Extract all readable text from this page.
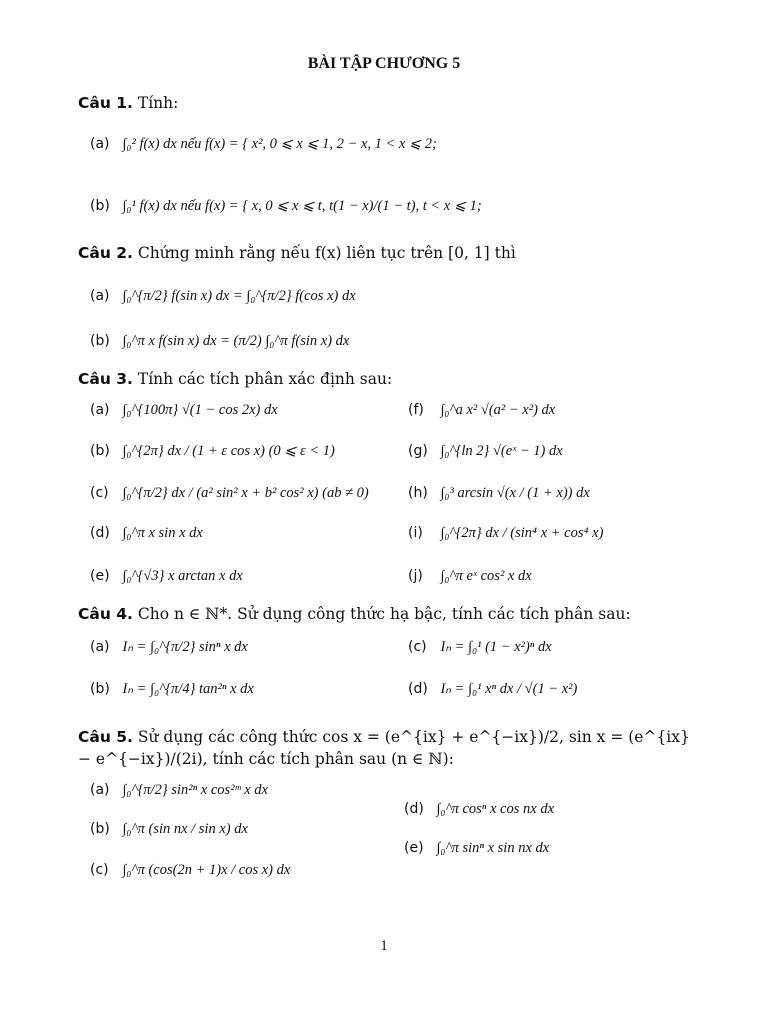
BÀI TẬP CHƯƠNG 5
Câu 1. Tính:
(a) ∫₀² f(x) dx nếu f(x) = { x², 0 ⩽ x ⩽ 1, 2 − x, 1 < x ⩽ 2;
(b) ∫₀¹ f(x) dx nếu f(x) = { x, 0 ⩽ x ⩽ t, t(1 − x)/(1 − t), t < x ⩽ 1;
Câu 2. Chứng minh rằng nếu f(x) liên tục trên [0, 1] thì
(a) ∫₀^{π/2} f(sin x) dx = ∫₀^{π/2} f(cos x) dx
(b) ∫₀^π x f(sin x) dx = (π/2) ∫₀^π f(sin x) dx
Câu 3. Tính các tích phân xác định sau:
(a) ∫₀^{100π} √(1 − cos 2x) dx
(b) ∫₀^{2π} dx / (1 + ε cos x) (0 ⩽ ε < 1)
(c) ∫₀^{π/2} dx / (a² sin² x + b² cos² x) (ab ≠ 0)
(d) ∫₀^π x sin x dx
(e) ∫₀^{√3} x arctan x dx
(f) ∫₀^a x² √(a² − x²) dx
(g) ∫₀^{ln 2} √(eˣ − 1) dx
(h) ∫₀³ arcsin √(x / (1 + x)) dx
(i) ∫₀^{2π} dx / (sin⁴ x + cos⁴ x)
(j) ∫₀^π eˣ cos² x dx
Câu 4. Cho n ∈ ℕ*. Sử dụng công thức hạ bậc, tính các tích phân sau:
(a) Iₙ = ∫₀^{π/2} sinⁿ x dx
(b) Iₙ = ∫₀^{π/4} tan²ⁿ x dx
(c) Iₙ = ∫₀¹ (1 − x²)ⁿ dx
(d) Iₙ = ∫₀¹ xⁿ dx / √(1 − x²)
Câu 5. Sử dụng các công thức cos x = (e^{ix} + e^{−ix})/2, sin x = (e^{ix} − e^{−ix})/(2i), tính các tích phân sau (n ∈ ℕ):
(a) ∫₀^{π/2} sin²ⁿ x cos²ᵐ x dx
(b) ∫₀^π (sin nx / sin x) dx
(c) ∫₀^π (cos(2n + 1)x / cos x) dx
(d) ∫₀^π cosⁿ x cos nx dx
(e) ∫₀^π sinⁿ x sin nx dx
1
